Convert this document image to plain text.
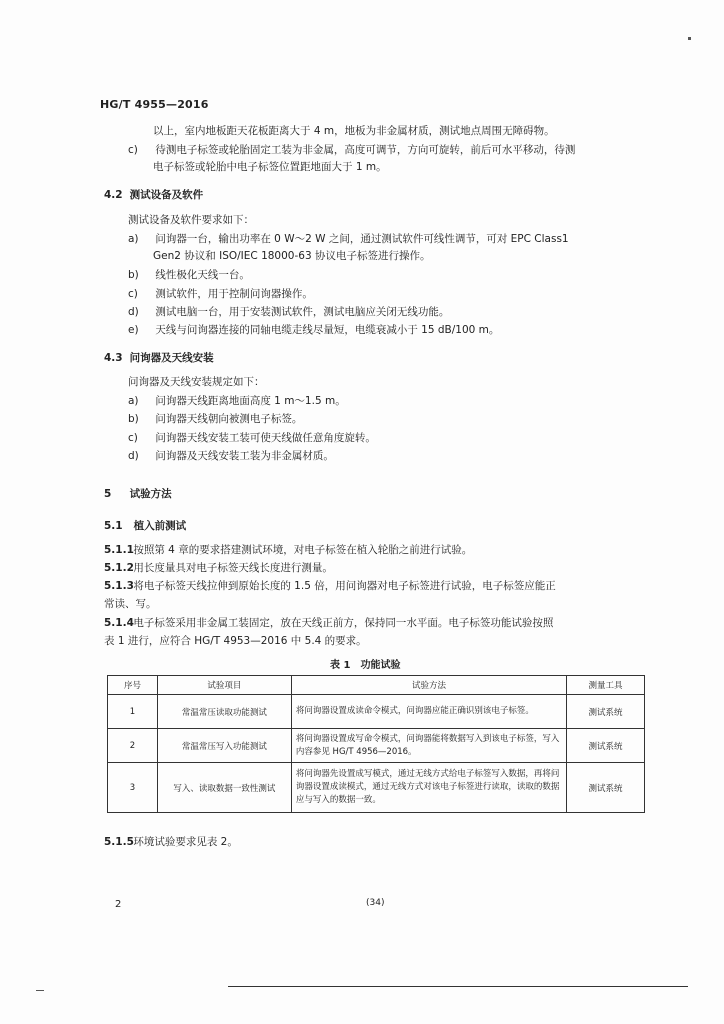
HG/T 4955—2016
以上，室内地板距天花板距离大于 4 m，地板为非金属材质，测试地点周围无障碍物。
c) 待测电子标签或轮胎固定工装为非金属，高度可调节，方向可旋转，前后可水平移动，待测
电子标签或轮胎中电子标签位置距地面大于 1 m。
4.2 测试设备及软件
测试设备及软件要求如下：
a) 问询器一台，输出功率在 0 W～2 W 之间，通过测试软件可线性调节，可对 EPC Class1
Gen2 协议和 ISO/IEC 18000-63 协议电子标签进行操作。
b) 线性极化天线一台。
c) 测试软件，用于控制问询器操作。
d) 测试电脑一台，用于安装测试软件，测试电脑应关闭无线功能。
e) 天线与问询器连接的同轴电缆走线尽量短，电缆衰减小于 15 dB/100 m。
4.3 问询器及天线安装
问询器及天线安装规定如下：
a) 问询器天线距离地面高度 1 m～1.5 m。
b) 问询器天线朝向被测电子标签。
c) 问询器天线安装工装可使天线做任意角度旋转。
d) 问询器及天线安装工装为非金属材质。
5 试验方法
5.1 植入前测试
5.1.1 按照第 4 章的要求搭建测试环境，对电子标签在植入轮胎之前进行试验。
5.1.2 用长度量具对电子标签天线长度进行测量。
5.1.3 将电子标签天线拉伸到原始长度的 1.5 倍，用问询器对电子标签进行试验，电子标签应能正
常读、写。
5.1.4 电子标签采用非金属工装固定，放在天线正前方，保持同一水平面。电子标签功能试验按照
表 1 进行，应符合 HG/T 4953—2016 中 5.4 的要求。
表 1　功能试验
序号	试验项目	试验方法	测量工具
1	常温常压读取功能测试	将问询器设置成读命令模式，问询器应能正确识别该电子标签。	测试系统
2	常温常压写入功能测试	将问询器设置成写命令模式，问询器能将数据写入到该电子标签，写入内容参见 HG/T 4956—2016。	测试系统
3	写入、读取数据一致性测试	将问询器先设置成写模式，通过无线方式给电子标签写入数据，再将问询器设置成读模式，通过无线方式对该电子标签进行读取，读取的数据应与写入的数据一致。	测试系统
5.1.5 环境试验要求见表 2。
2	(34)
